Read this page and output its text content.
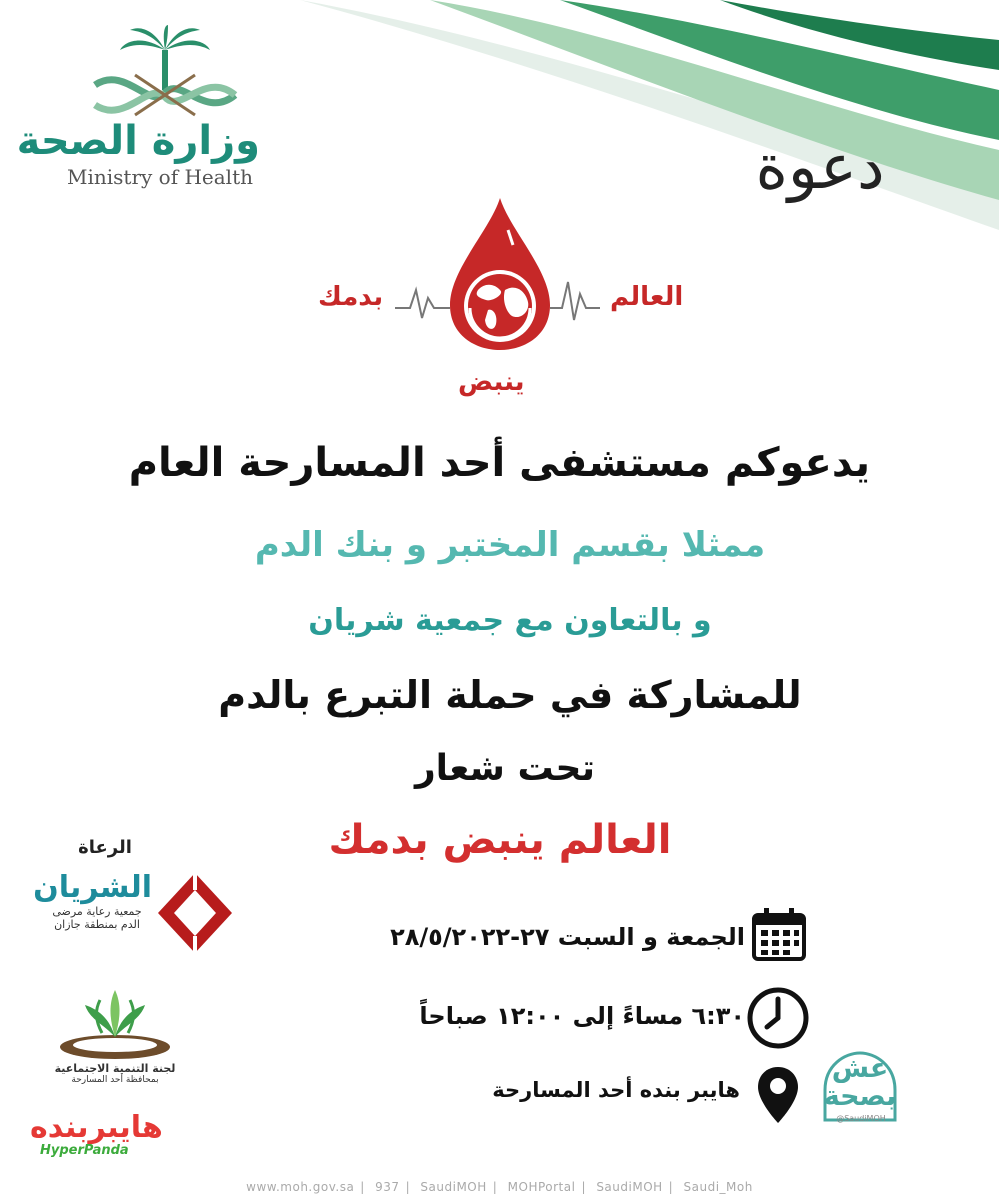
وزارة الصحة
Ministry of Health	دعوة
بدمك	العالم
ينبض
يدعوكم مستشفى أحد المسارحة العام
ممثلا بقسم المختبر و بنك الدم
و بالتعاون مع جمعية شريان
للمشاركة في حملة التبرع بالدم
تحت شعار
العالم ينبض بدمك
الجمعة و السبت ٢٧-٢٨/٥/٢٠٢٢
٦:٣٠ مساءً إلى ١٢:٠٠ صباحاً
هايبر بنده أحد المسارحة
الرعاة
الشريان
جمعية رعاية مرضى
الدم بمنطقة جازان
لجنة التنمية الاجتماعية
بمحافظة أحد المسارحة
هايبربنده
HyperPanda
عش بصحة
@SaudiMOH
www.moh.gov.sa | 937 | SaudiMOH | MOHPortal | SaudiMOH | Saudi_Moh
